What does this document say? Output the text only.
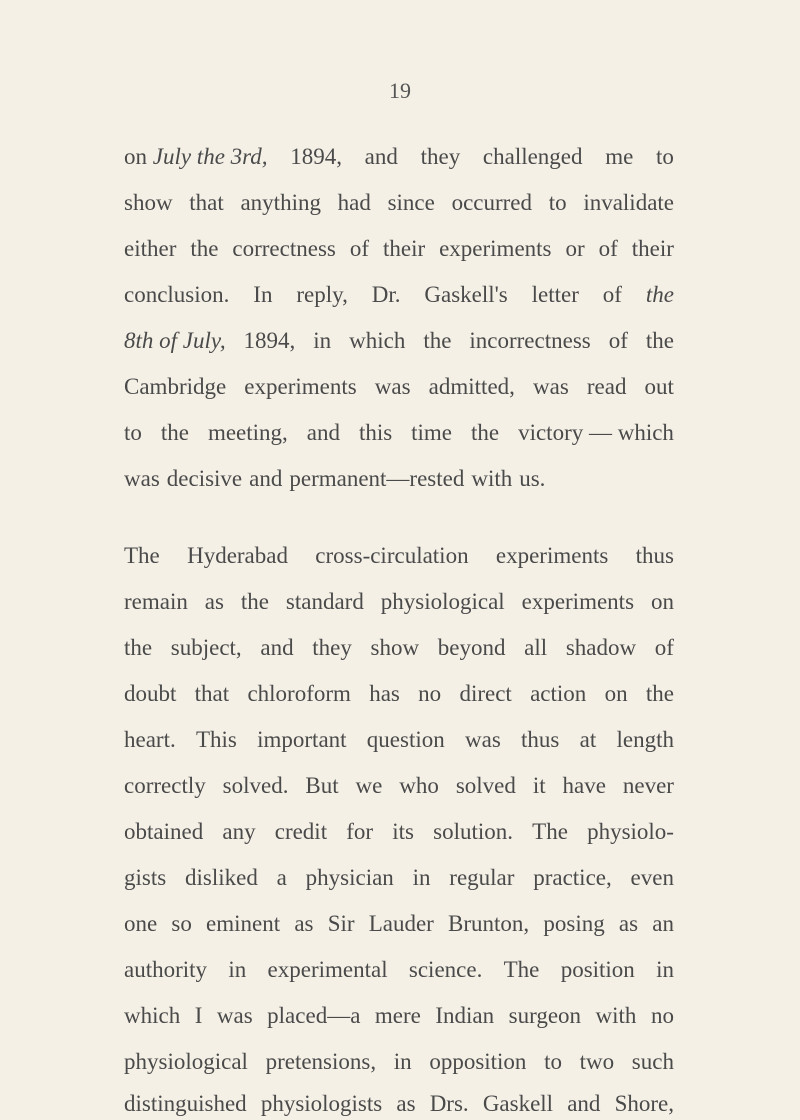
19
on July the 3rd, 1894, and they challenged me to
show that anything had since occurred to invalidate
either the correctness of their experiments or of their
conclusion. In reply, Dr. Gaskell's letter of the
8th of July, 1894, in which the incorrectness of the
Cambridge experiments was admitted, was read out
to the meeting, and this time the victory — which
was decisive and permanent—rested with us.
The Hyderabad cross-circulation experiments thus
remain as the standard physiological experiments on
the subject, and they show beyond all shadow of
doubt that chloroform has no direct action on the
heart. This important question was thus at length
correctly solved. But we who solved it have never
obtained any credit for its solution. The physiolo-
gists disliked a physician in regular practice, even
one so eminent as Sir Lauder Brunton, posing as an
authority in experimental science. The position in
which I was placed—a mere Indian surgeon with no
physiological pretensions, in opposition to two such
distinguished physiologists as Drs. Gaskell and Shore,
